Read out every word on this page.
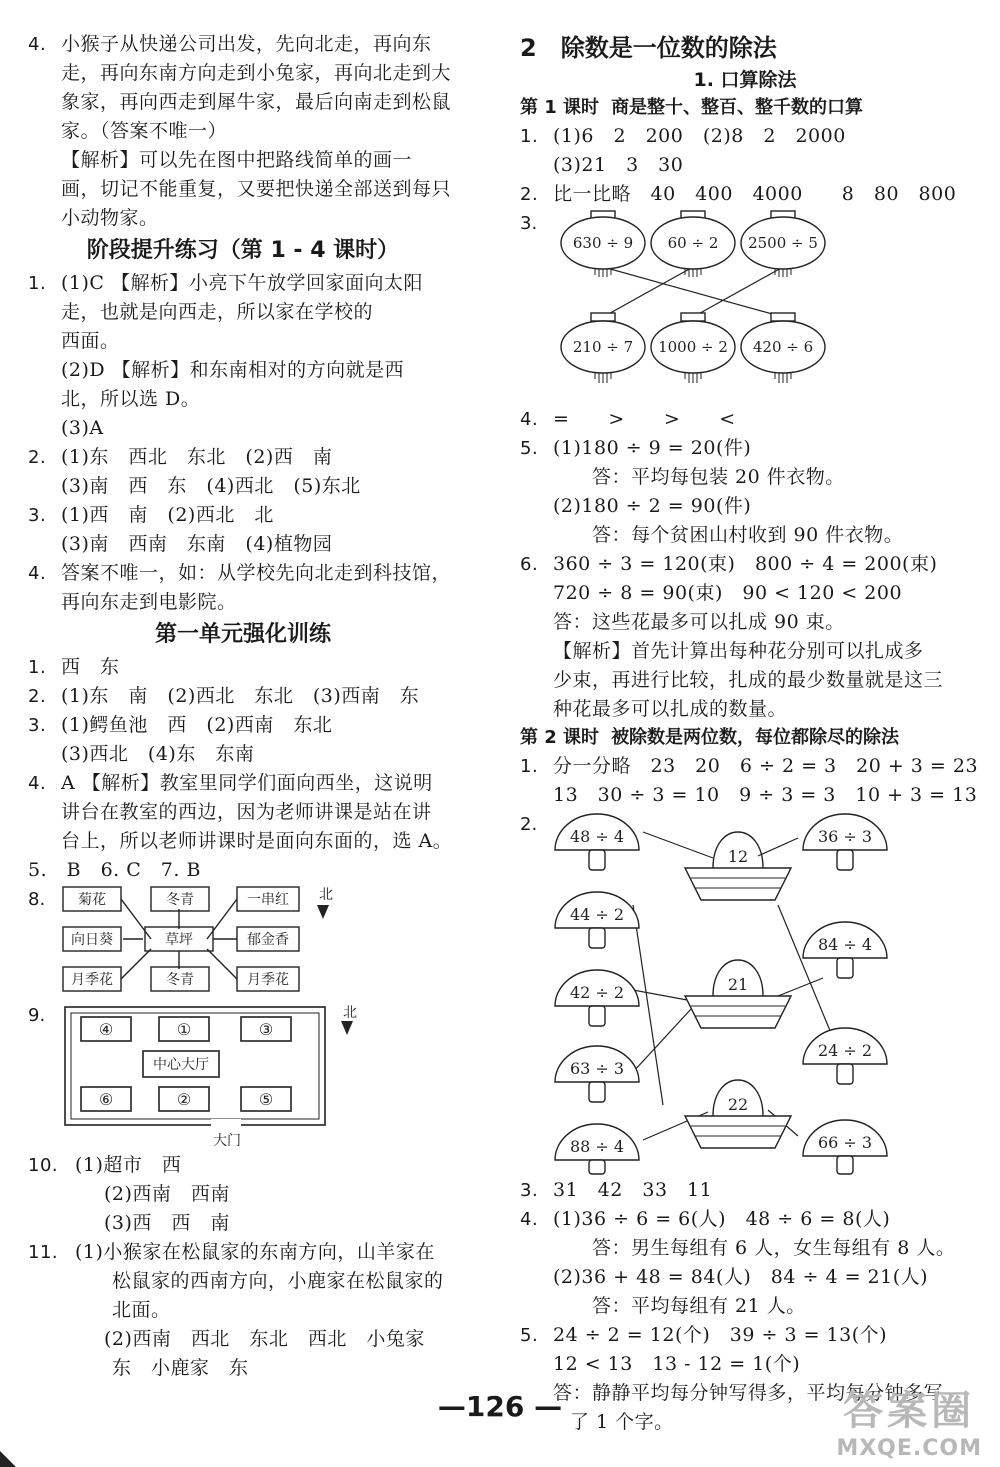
4. 小猴子从快递公司出发，先向北走，再向东
走，再向东南方向走到小兔家，再向北走到大
象家，再向西走到犀牛家，最后向南走到松鼠
家。（答案不唯一）
【解析】可以先在图中把路线简单的画一
画，切记不能重复，又要把快递全部送到每只
小动物家。
阶段提升练习（第 1 - 4 课时）
1. (1)C 【解析】小亮下午放学回家面向太阳
走，也就是向西走，所以家在学校的
西面。
(2)D 【解析】和东南相对的方向就是西
北，所以选 D。
(3)A
2. (1)东　西北　东北　(2)西　南
(3)南　西　东　(4)西北　(5)东北
3. (1)西　南　(2)西北　北
(3)南　西南　东南　(4)植物园
4. 答案不唯一，如：从学校先向北走到科技馆，
再向东走到电影院。
第一单元强化训练
1. 西　东
2. (1)东　南　(2)西北　东北　(3)西南　东
3. (1)鳄鱼池　西　(2)西南　东北
(3)西北　(4)东　东南
4. A 【解析】教室里同学们面向西坐，这说明
讲台在教室的西边，因为老师讲课是站在讲
台上，所以老师讲课时是面向东面的，选 A。
5.　B　6. C　7. B
8.	菊花	冬青	一串红
向日葵	草坪	郁金香
月季花	冬青	月季花
北
9.
④	①	③
中心大厅
⑥	②	⑤
大门
北
10. (1)超市　西
(2)西南　西南
(3)西　西　南
11. (1)小猴家在松鼠家的东南方向，山羊家在
松鼠家的西南方向，小鹿家在松鼠家的
北面。
(2)西南　西北　东北　西北　小兔家
东　小鹿家　东
2　除数是一位数的除法
1. 口算除法
第 1 课时 商是整十、整百、整千数的口算
1. (1)6　2　200　(2)8　2　2000
(3)21　3　30
2. 比一比略　40　400　4000　　8　80　800
3.
630 ÷ 9 60 ÷ 2 2500 ÷ 5
210 ÷ 7 1000 ÷ 2 420 ÷ 6
4. =　　>　　>　　<
5. (1)180 ÷ 9 = 20(件)
答：平均每包装 20 件衣物。
(2)180 ÷ 2 = 90(件)
答：每个贫困山村收到 90 件衣物。
6. 360 ÷ 3 = 120(束)　800 ÷ 4 = 200(束)
720 ÷ 8 = 90(束)　90 < 120 < 200
答：这些花最多可以扎成 90 束。
【解析】首先计算出每种花分别可以扎成多
少束，再进行比较，扎成的最少数量就是这三
种花最多可以扎成的数量。
第 2 课时 被除数是两位数，每位都除尽的除法
1. 分一分略　23　20　6 ÷ 2 = 3　20 + 3 = 23
13　30 ÷ 3 = 10　9 ÷ 3 = 3　10 + 3 = 13
2.
48 ÷ 4
44 ÷ 2
42 ÷ 2
63 ÷ 3
88 ÷ 4
36 ÷ 3
84 ÷ 4
24 ÷ 2
66 ÷ 3
12
21
22
3. 31　42　33　11
4. (1)36 ÷ 6 = 6(人)　48 ÷ 6 = 8(人)
答：男生每组有 6 人，女生每组有 8 人。
(2)36 + 48 = 84(人)　84 ÷ 4 = 21(人)
答：平均每组有 21 人。
5. 24 ÷ 2 = 12(个)　39 ÷ 3 = 13(个)
12 < 13　13 - 12 = 1(个)
答：静静平均每分钟写得多，平均每分钟多写
了 1 个字。
—126 —	答案圈
MXQE.COM
